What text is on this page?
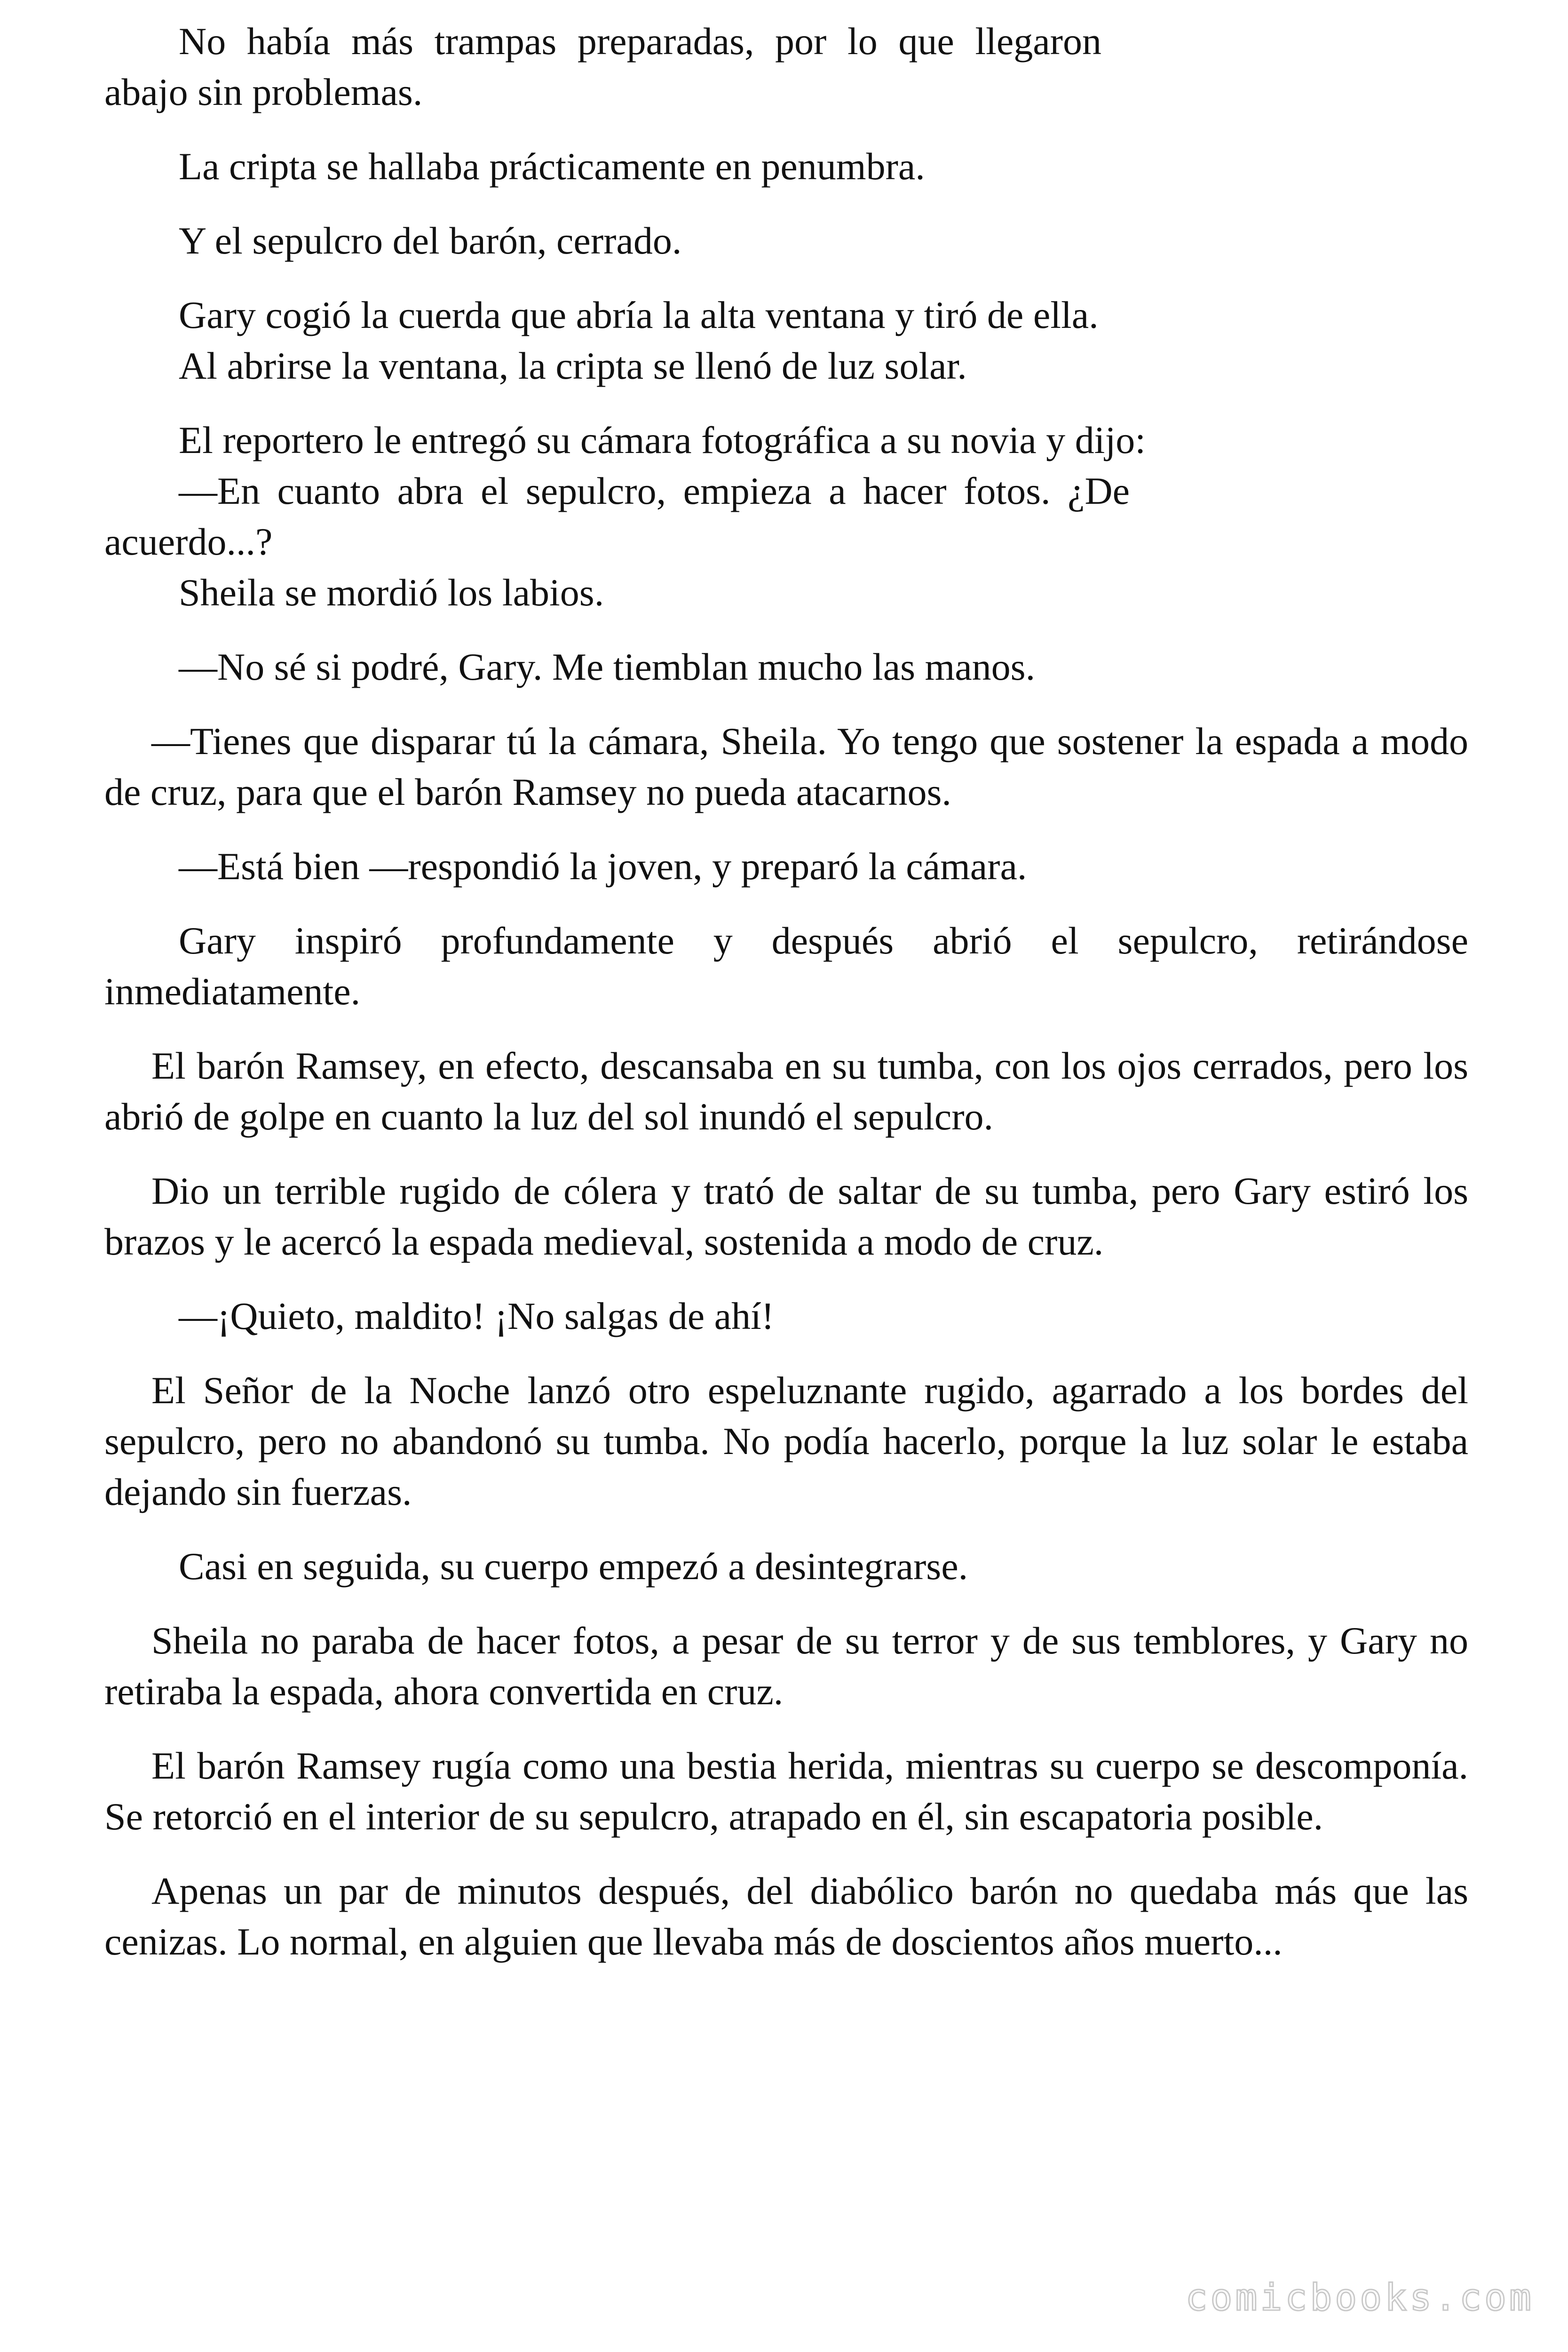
No había más trampas preparadas, por lo que llegaron abajo sin problemas.

La cripta se hallaba prácticamente en penumbra.

Y el sepulcro del barón, cerrado.

Gary cogió la cuerda que abría la alta ventana y tiró de ella.

Al abrirse la ventana, la cripta se llenó de luz solar.

El reportero le entregó su cámara fotográfica a su novia y dijo:

—En cuanto abra el sepulcro, empieza a hacer fotos. ¿De acuerdo...?

Sheila se mordió los labios.

—No sé si podré, Gary. Me tiemblan mucho las manos.

—Tienes que disparar tú la cámara, Sheila. Yo tengo que sostener la espada a modo de cruz, para que el barón Ramsey no pueda atacarnos.

—Está bien —respondió la joven, y preparó la cámara.

Gary inspiró profundamente y después abrió el sepulcro, retirándose inmediatamente.

El barón Ramsey, en efecto, descansaba en su tumba, con los ojos cerrados, pero los abrió de golpe en cuanto la luz del sol inundó el sepulcro.

Dio un terrible rugido de cólera y trató de saltar de su tumba, pero Gary estiró los brazos y le acercó la espada medieval, sostenida a modo de cruz.

—¡Quieto, maldito! ¡No salgas de ahí!

El Señor de la Noche lanzó otro espeluznante rugido, agarrado a los bordes del sepulcro, pero no abandonó su tumba. No podía hacerlo, porque la luz solar le estaba dejando sin fuerzas.

Casi en seguida, su cuerpo empezó a desintegrarse.

Sheila no paraba de hacer fotos, a pesar de su terror y de sus temblores, y Gary no retiraba la espada, ahora convertida en cruz.

El barón Ramsey rugía como una bestia herida, mientras su cuerpo se descomponía. Se retorció en el interior de su sepulcro, atrapado en él, sin escapatoria posible.

Apenas un par de minutos después, del diabólico barón no quedaba más que las cenizas. Lo normal, en alguien que llevaba más de doscientos años muerto...

comicbooks.com
